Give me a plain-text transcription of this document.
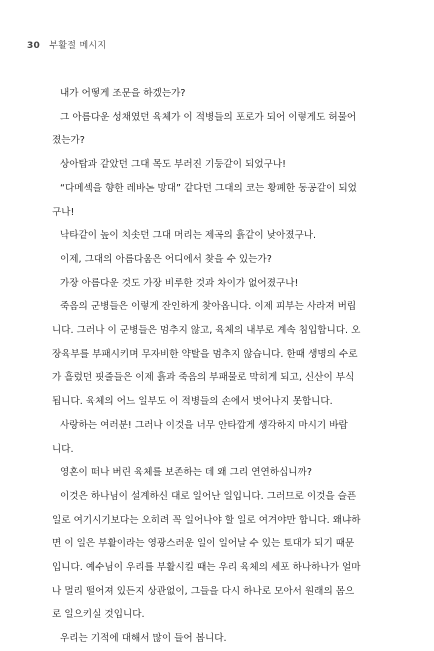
30 부활절 메시지

내가 어떻게 조문을 하겠는가?

그 아름다운 성채였던 육체가 이 적병들의 포로가 되어 이렇게도 허물어
졌는가?

상아탑과 같았던 그대 목도 부러진 기둥같이 되었구나!

“다메섹을 향한 레바논 망대” 같다던 그대의 코는 황폐한 동공같이 되었
구나!

낙타같이 높이 치솟던 그대 머리는 제곡의 흙같이 낮아졌구나.

이제, 그대의 아름다움은 어디에서 찾을 수 있는가?

가장 아름다운 것도 가장 비루한 것과 차이가 없어졌구나!

죽음의 군병들은 이렇게 잔인하게 찾아옵니다. 이제 피부는 사라져 버립
니다. 그러나 이 군병들은 멈추지 않고, 육체의 내부로 계속 침입합니다. 오
장육부를 부패시키며 무자비한 약탈을 멈추지 않습니다. 한때 생명의 수로
가 흘렀던 핏줄들은 이제 흙과 죽음의 부패물로 막히게 되고, 신산이 부식
됩니다. 육체의 어느 일부도 이 적병들의 손에서 벗어나지 못합니다.

사랑하는 여러분! 그러나 이것을 너무 안타깝게 생각하지 마시기 바랍
니다.

영혼이 떠나 버린 육체를 보존하는 데 왜 그리 연연하십니까?

이것은 하나님이 설계하신 대로 일어난 일입니다. 그러므로 이것을 슬픈
일로 여기시기보다는 오히려 꼭 일어나야 할 일로 여겨야만 합니다. 왜냐하
면 이 일은 부활이라는 영광스러운 일이 일어날 수 있는 토대가 되기 때문
입니다. 예수님이 우리를 부활시킬 때는 우리 육체의 세포 하나하나가 얼마
나 멀리 떨어져 있든지 상관없이, 그들을 다시 하나로 모아서 원래의 몸으
로 일으키실 것입니다.

우리는 기적에 대해서 많이 들어 봅니다.
